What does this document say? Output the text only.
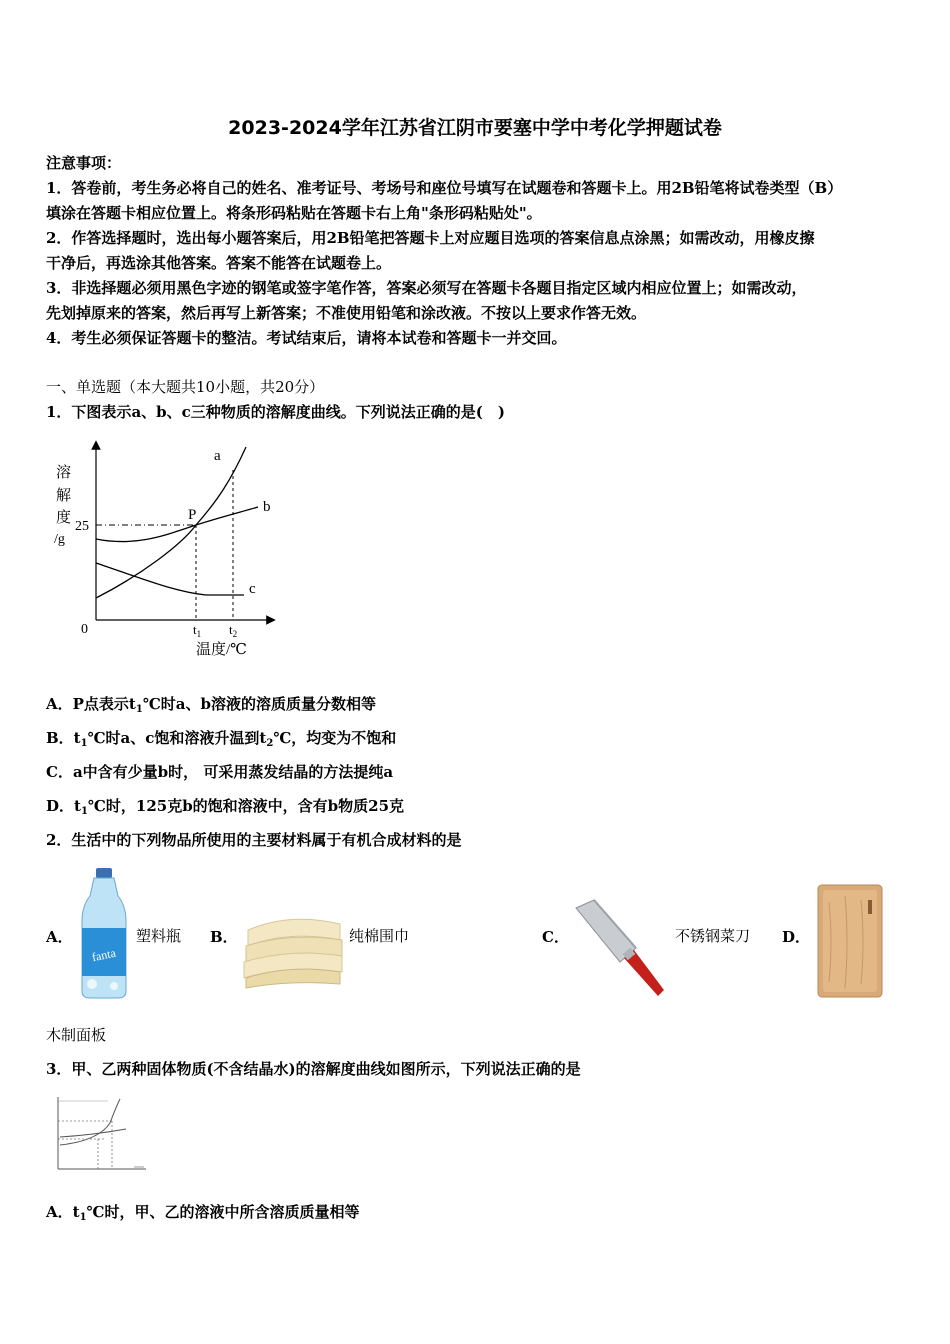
2023-2024学年江苏省江阴市要塞中学中考化学押题试卷
注意事项：
1．答卷前，考生务必将自己的姓名、准考证号、考场号和座位号填写在试题卷和答题卡上。用2B铅笔将试卷类型（B）
填涂在答题卡相应位置上。将条形码粘贴在答题卡右上角"条形码粘贴处"。
2．作答选择题时，选出每小题答案后，用2B铅笔把答题卡上对应题目选项的答案信息点涂黑；如需改动，用橡皮擦
干净后，再选涂其他答案。答案不能答在试题卷上。
3．非选择题必须用黑色字迹的钢笔或签字笔作答，答案必须写在答题卡各题目指定区域内相应位置上；如需改动，
先划掉原来的答案，然后再写上新答案；不准使用铅笔和涂改液。不按以上要求作答无效。
4．考生必须保证答题卡的整洁。考试结束后，请将本试卷和答题卡一并交回。
一、单选题（本大题共10小题，共20分）
1．下图表示a、b、c三种物质的溶解度曲线。下列说法正确的是(　)
溶
解
度
/g
25
0
P
a
b
c
$t_1$ $t_2$
温度/℃
A．P点表示$t_1℃$时a、b溶液的溶质质量分数相等
B．$t_1℃$时a、c饱和溶液升温到$t_2℃$，均变为不饱和
C．a中含有少量b时， 可采用蒸发结晶的方法提纯a
D．$t_1℃$时，125克b的饱和溶液中，含有b物质25克
2．生活中的下列物品所使用的主要材料属于有机合成材料的是
A．
fanta
塑料瓶 B．	纯棉围巾	C．	不锈钢菜刀 D．
木制面板
3．甲、乙两种固体物质(不含结晶水)的溶解度曲线如图所示，下列说法正确的是
A．$t_1℃$时，甲、乙的溶液中所含溶质质量相等
